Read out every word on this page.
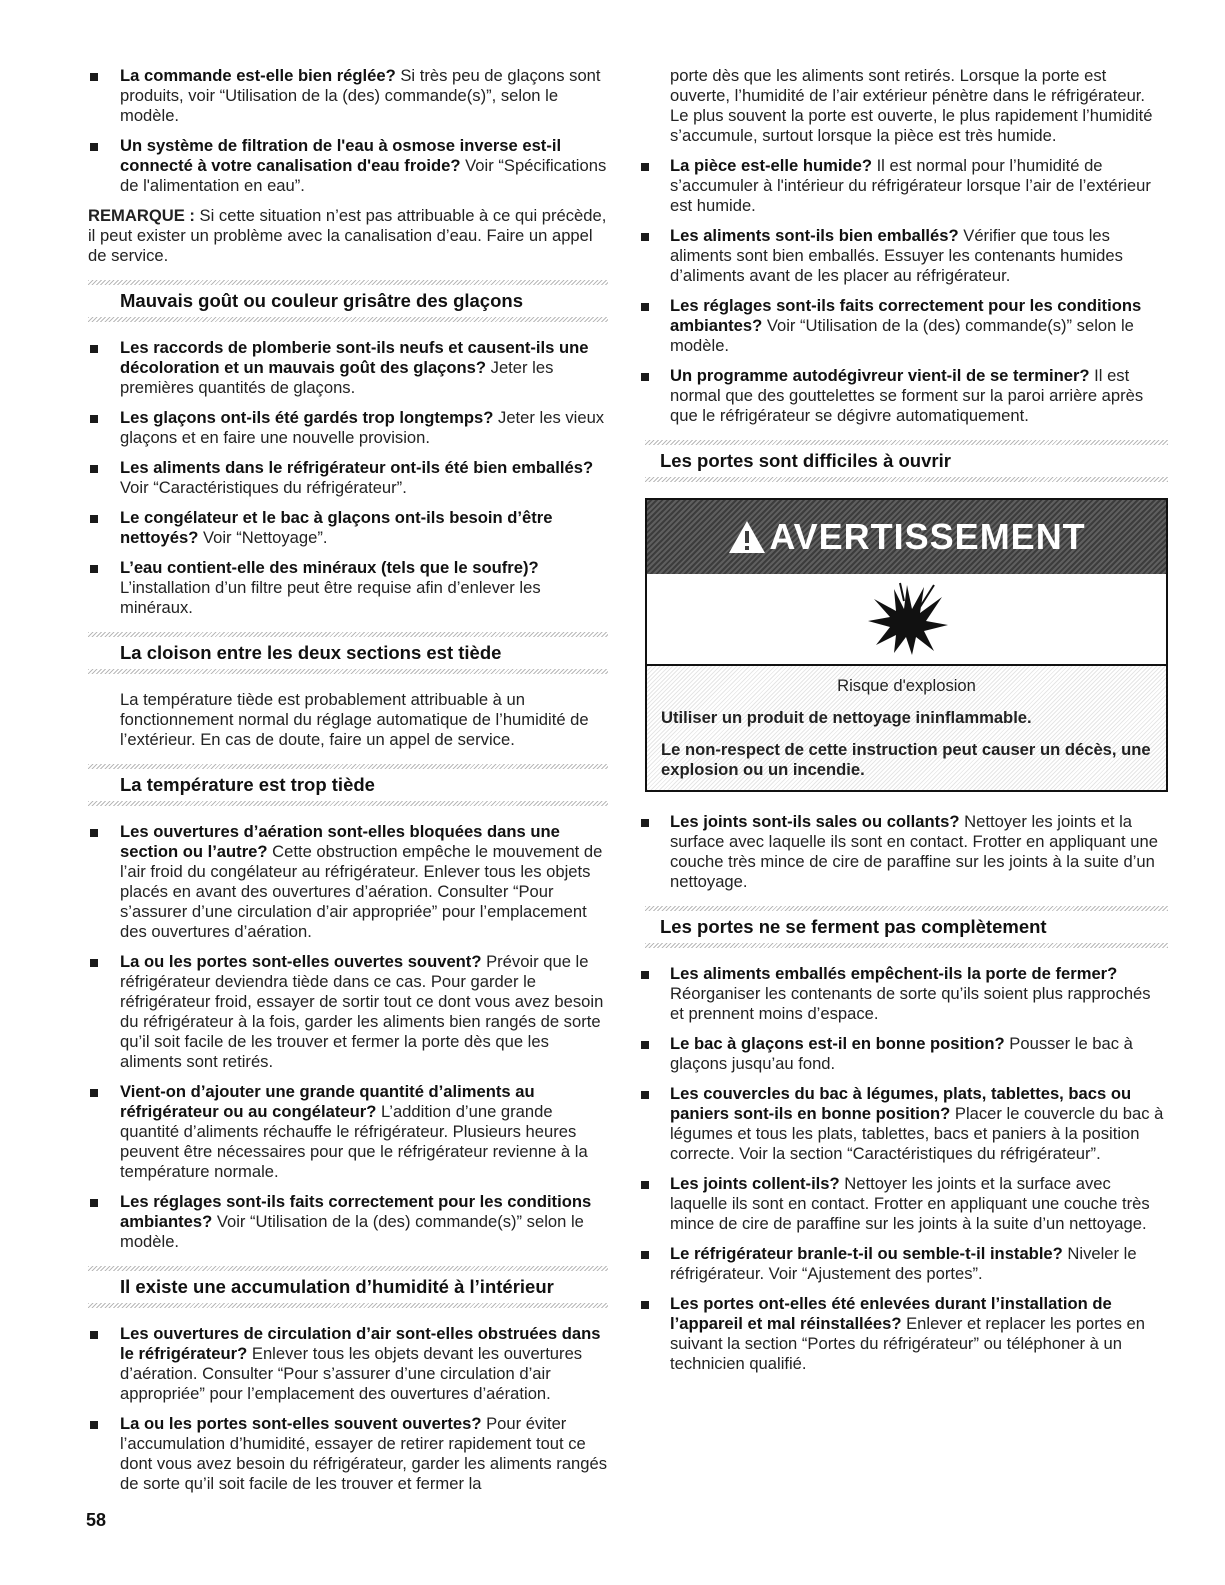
La commande est-elle bien réglée? Si très peu de glaçons sont produits, voir “Utilisation de la (des) commande(s)”, selon le modèle.
Un système de filtration de l'eau à osmose inverse est-il connecté à votre canalisation d'eau froide? Voir “Spécifications de l'alimentation en eau”.

REMARQUE : Si cette situation n’est pas attribuable à ce qui précède, il peut exister un problème avec la canalisation d’eau. Faire un appel de service.

Mauvais goût ou couleur grisâtre des glaçons
Les raccords de plomberie sont-ils neufs et causent-ils une décoloration et un mauvais goût des glaçons? Jeter les premières quantités de glaçons.
Les glaçons ont-ils été gardés trop longtemps? Jeter les vieux glaçons et en faire une nouvelle provision.
Les aliments dans le réfrigérateur ont-ils été bien emballés? Voir “Caractéristiques du réfrigérateur”.
Le congélateur et le bac à glaçons ont-ils besoin d’être nettoyés? Voir “Nettoyage”.
L’eau contient-elle des minéraux (tels que le soufre)? L’installation d’un filtre peut être requise afin d’enlever les minéraux.
La cloison entre les deux sections est tiède

La température tiède est probablement attribuable à un fonctionnement normal du réglage automatique de l’humidité de l’extérieur. En cas de doute, faire un appel de service.

La température est trop tiède
Les ouvertures d’aération sont-elles bloquées dans une section ou l’autre? Cette obstruction empêche le mouvement de l’air froid du congélateur au réfrigérateur. Enlever tous les objets placés en avant des ouvertures d’aération. Consulter “Pour s’assurer d’une circulation d’air appropriée” pour l’emplacement des ouvertures d’aération.
La ou les portes sont-elles ouvertes souvent? Prévoir que le réfrigérateur deviendra tiède dans ce cas. Pour garder le réfrigérateur froid, essayer de sortir tout ce dont vous avez besoin du réfrigérateur à la fois, garder les aliments bien rangés de sorte qu’il soit facile de les trouver et fermer la porte dès que les aliments sont retirés.
Vient-on d’ajouter une grande quantité d’aliments au réfrigérateur ou au congélateur? L’addition d’une grande quantité d’aliments réchauffe le réfrigérateur. Plusieurs heures peuvent être nécessaires pour que le réfrigérateur revienne à la température normale.
Les réglages sont-ils faits correctement pour les conditions ambiantes? Voir “Utilisation de la (des) commande(s)” selon le modèle.
Il existe une accumulation d’humidité à l’intérieur
Les ouvertures de circulation d’air sont-elles obstruées dans le réfrigérateur? Enlever tous les objets devant les ouvertures d’aération. Consulter “Pour s’assurer d’une circulation d’air appropriée” pour l’emplacement des ouvertures d’aération.
La ou les portes sont-elles souvent ouvertes? Pour éviter l’accumulation d’humidité, essayer de retirer rapidement tout ce dont vous avez besoin du réfrigérateur, garder les aliments rangés de sorte qu’il soit facile de les trouver et fermer la

porte dès que les aliments sont retirés. Lorsque la porte est ouverte, l’humidité de l’air extérieur pénètre dans le réfrigérateur. Le plus souvent la porte est ouverte, le plus rapidement l’humidité s’accumule, surtout lorsque la pièce est très humide.

La pièce est-elle humide? Il est normal pour l’humidité de s’accumuler à l'intérieur du réfrigérateur lorsque l’air de l’extérieur est humide.
Les aliments sont-ils bien emballés? Vérifier que tous les aliments sont bien emballés. Essuyer les contenants humides d’aliments avant de les placer au réfrigérateur.
Les réglages sont-ils faits correctement pour les conditions ambiantes? Voir “Utilisation de la (des) commande(s)” selon le modèle.
Un programme autodégivreur vient-il de se terminer? Il est normal que des gouttelettes se forment sur la paroi arrière après que le réfrigérateur se dégivre automatiquement.
Les portes sont difficiles à ouvrir
AVERTISSEMENT

Risque d'explosion

Utiliser un produit de nettoyage ininflammable.

Le non-respect de cette instruction peut causer un décès, une explosion ou un incendie.

Les joints sont-ils sales ou collants? Nettoyer les joints et la surface avec laquelle ils sont en contact. Frotter en appliquant une couche très mince de cire de paraffine sur les joints à la suite d’un nettoyage.
Les portes ne se ferment pas complètement
Les aliments emballés empêchent-ils la porte de fermer? Réorganiser les contenants de sorte qu’ils soient plus rapprochés et prennent moins d’espace.
Le bac à glaçons est-il en bonne position? Pousser le bac à glaçons jusqu’au fond.
Les couvercles du bac à légumes, plats, tablettes, bacs ou paniers sont-ils en bonne position? Placer le couvercle du bac à légumes et tous les plats, tablettes, bacs et paniers à la position correcte. Voir la section “Caractéristiques du réfrigérateur”.
Les joints collent-ils? Nettoyer les joints et la surface avec laquelle ils sont en contact. Frotter en appliquant une couche très mince de cire de paraffine sur les joints à la suite d’un nettoyage.
Le réfrigérateur branle-t-il ou semble-t-il instable? Niveler le réfrigérateur. Voir “Ajustement des portes”.
Les portes ont-elles été enlevées durant l’installation de l’appareil et mal réinstallées? Enlever et replacer les portes en suivant la section “Portes du réfrigérateur” ou téléphoner à un technicien qualifié.
58
